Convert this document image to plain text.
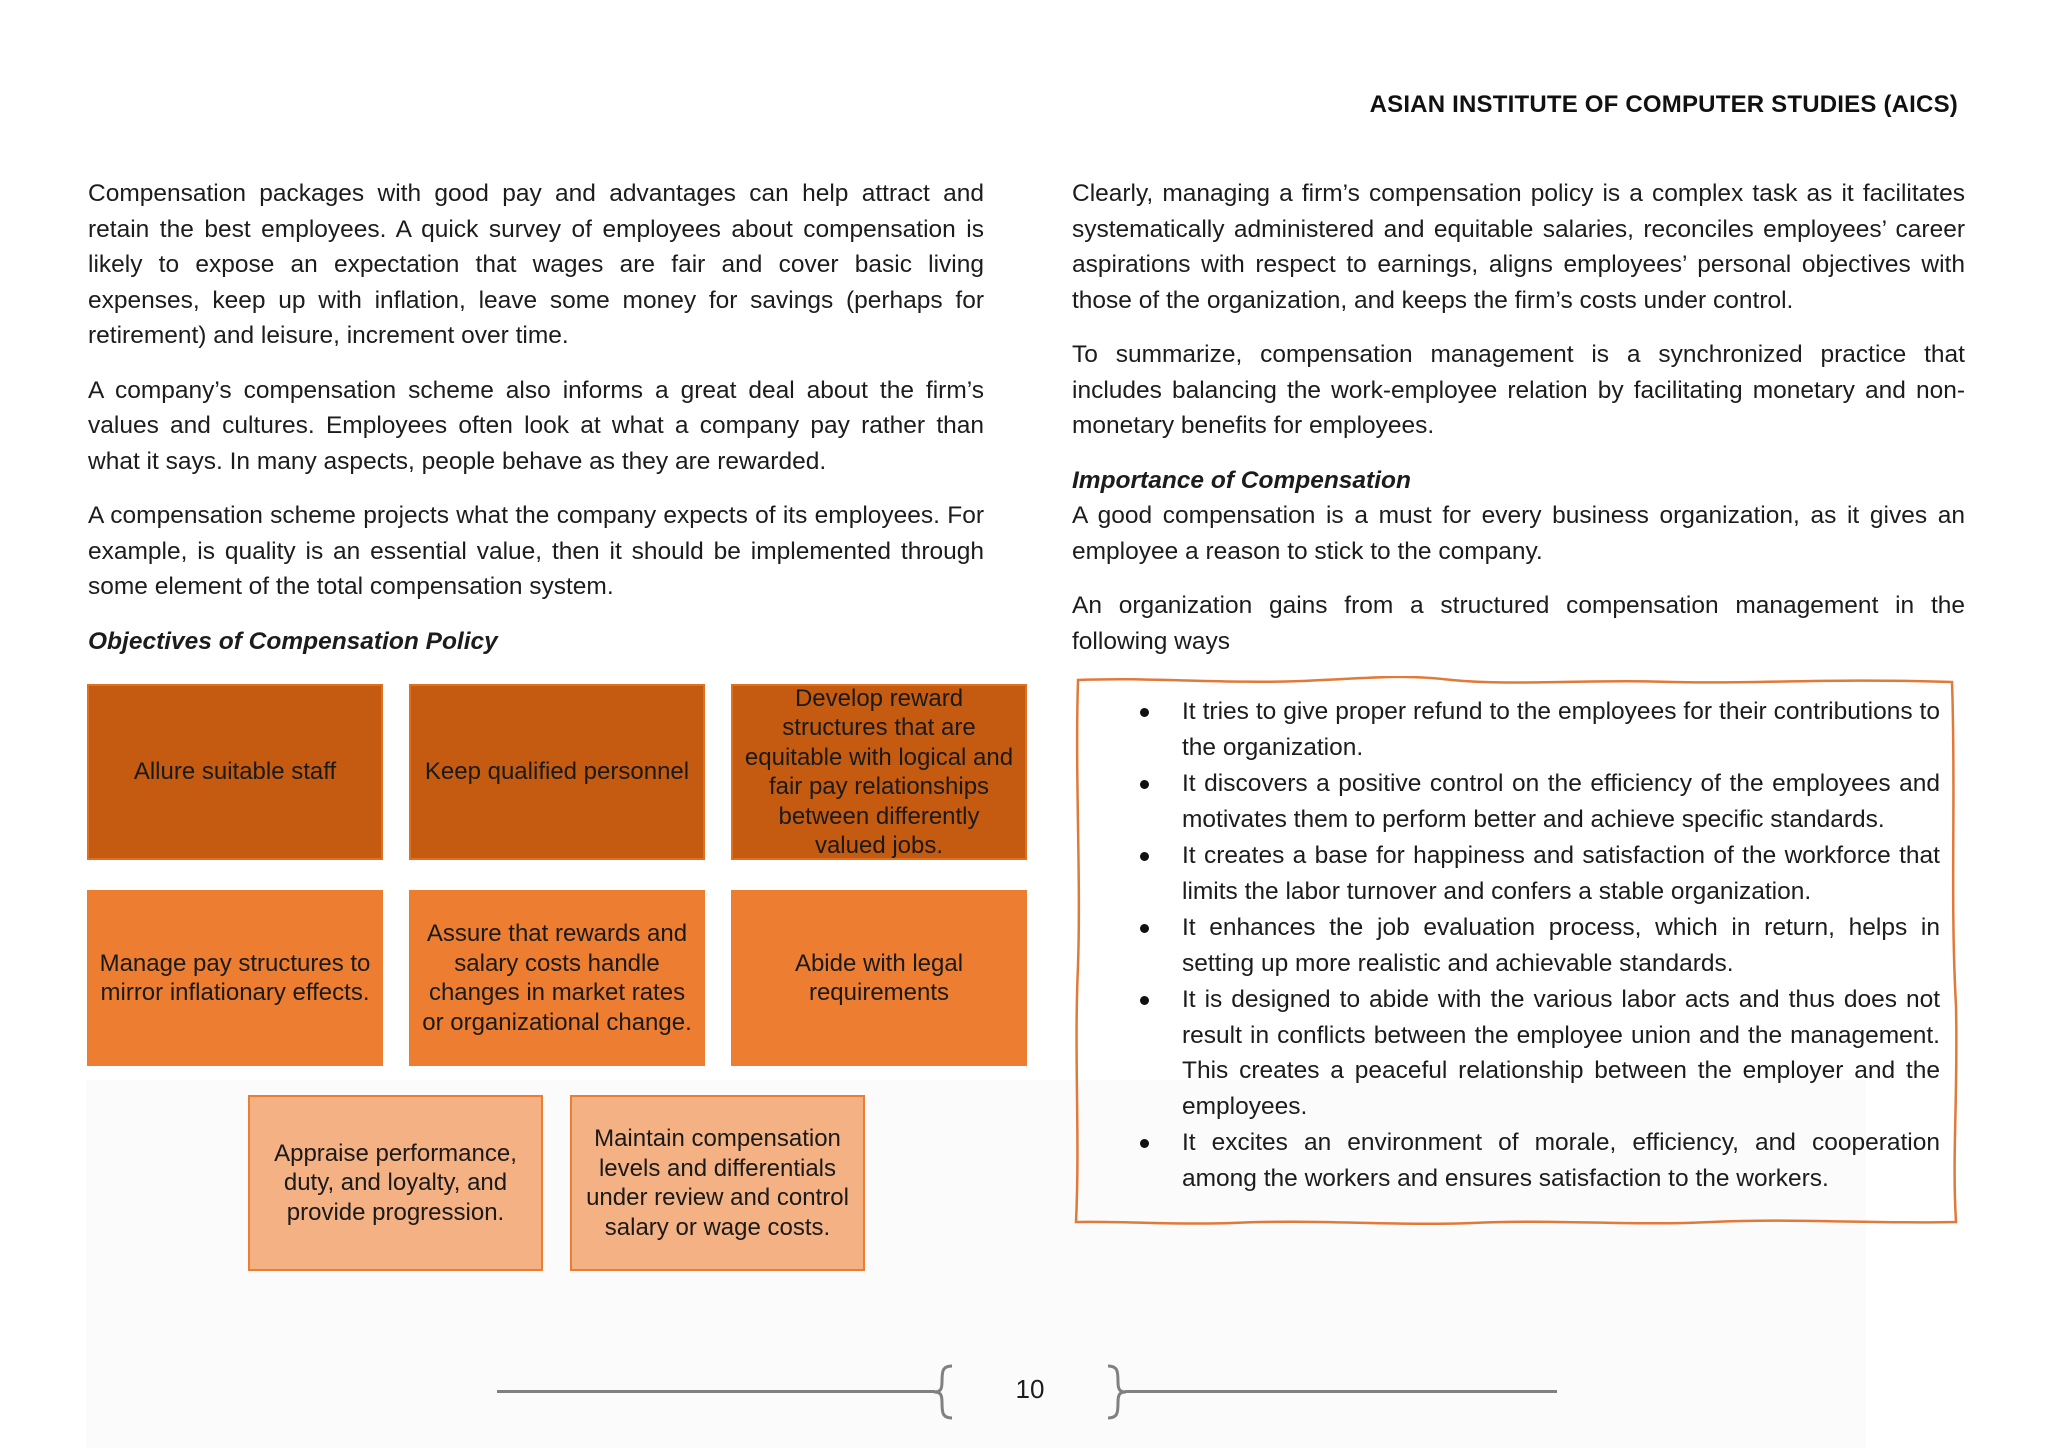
ASIAN INSTITUTE OF COMPUTER STUDIES (AICS)

Compensation packages with good pay and advantages can help attract and retain the best employees. A quick survey of employees about compensation is likely to expose an expectation that wages are fair and cover basic living expenses, keep up with inflation, leave some money for savings (perhaps for retirement) and leisure, increment over time.

A company’s compensation scheme also informs a great deal about the firm’s values and cultures. Employees often look at what a company pay rather than what it says. In many aspects, people behave as they are rewarded.

A compensation scheme projects what the company expects of its employees. For example, is quality is an essential value, then it should be implemented through some element of the total compensation system.

Objectives of Compensation Policy
Allure suitable staff	Keep qualified personnel
Develop reward structures that are equitable with logical and fair pay relationships between differently valued jobs.
Manage pay structures to mirror inflationary effects.
Assure that rewards and salary costs handle changes in market rates or organizational change.
Abide with legal requirements
Appraise performance, duty, and loyalty, and provide progression.
Maintain compensation levels and differentials under review and control salary or wage costs.

Clearly, managing a firm’s compensation policy is a complex task as it facilitates systematically administered and equitable salaries, reconciles employees’ career aspirations with respect to earnings, aligns employees’ personal objectives with those of the organization, and keeps the firm’s costs under control.

To summarize, compensation management is a synchronized practice that includes balancing the work-employee relation by facilitating monetary and non-monetary benefits for employees.

Importance of Compensation

A good compensation is a must for every business organization, as it gives an employee a reason to stick to the company.

An organization gains from a structured compensation management in the following ways

It tries to give proper refund to the employees for their contributions to the organization.
It discovers a positive control on the efficiency of the employees and motivates them to perform better and achieve specific standards.
It creates a base for happiness and satisfaction of the workforce that limits the labor turnover and confers a stable organization.
It enhances the job evaluation process, which in return, helps in setting up more realistic and achievable standards.
It is designed to abide with the various labor acts and thus does not result in conflicts between the employee union and the management. This creates a peaceful relationship between the employer and the employees.
It excites an environment of morale, efficiency, and cooperation among the workers and ensures satisfaction to the workers.
10
